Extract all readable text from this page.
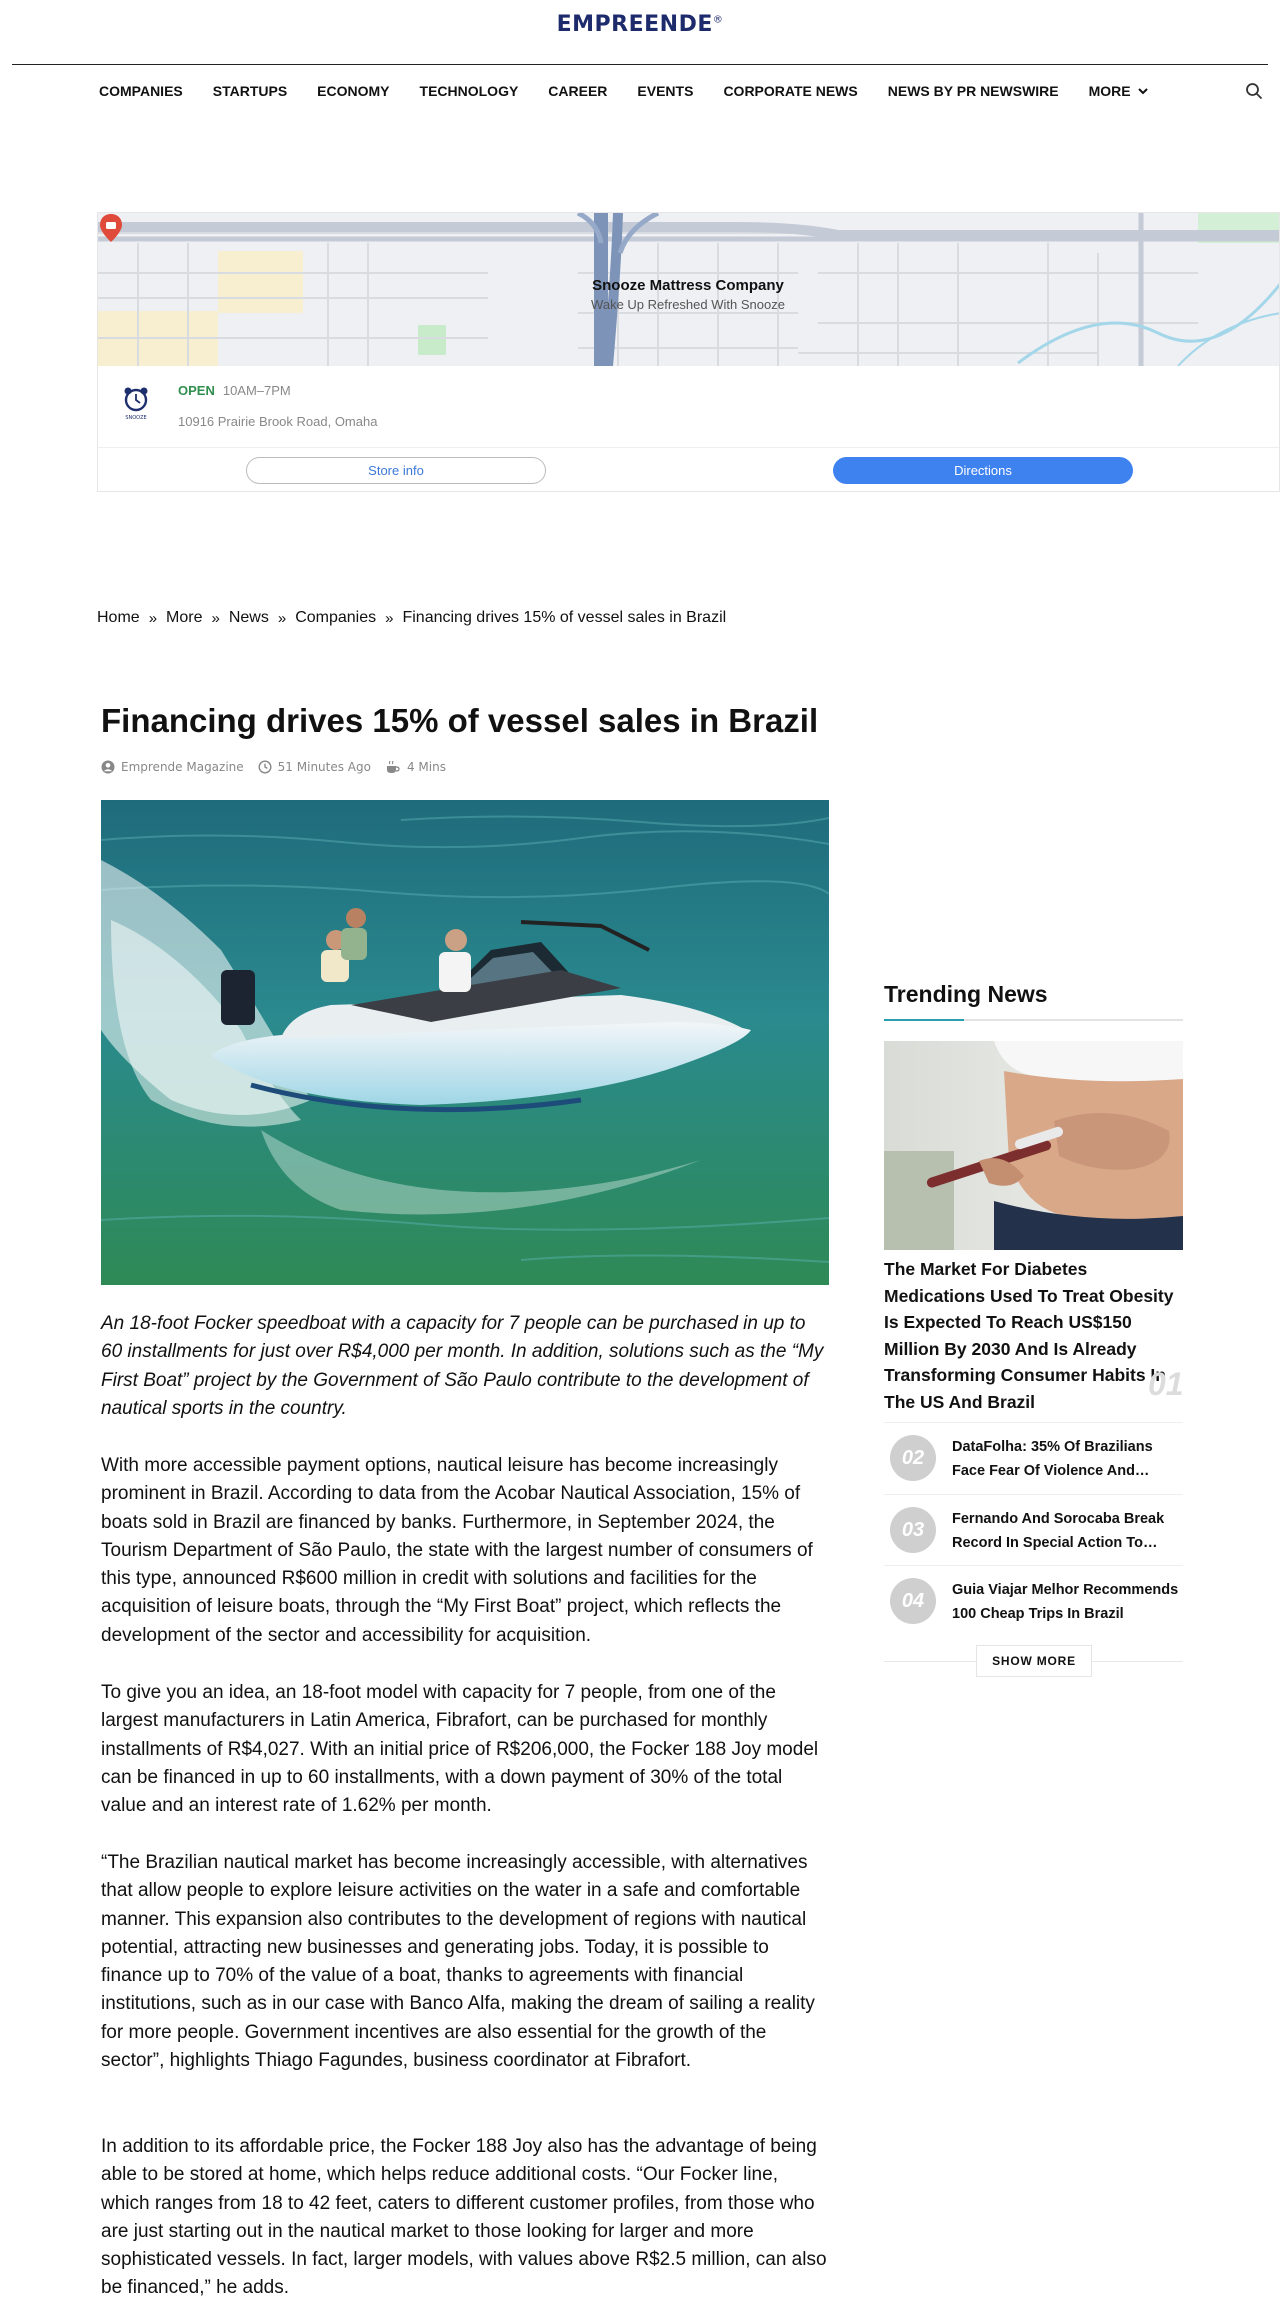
EMPREENDE®
COMPANIES STARTUPS ECONOMY TECHNOLOGY CAREER EVENTS CORPORATE NEWS NEWS BY PR NEWSWIRE MORE
Snooze Mattress Company
Wake Up Refreshed With Snooze
SNOOZE
OPEN 10AM–7PM
10916 Prairie Brook Road, Omaha
Store info	Directions
Home » More » News » Companies » Financing drives 15% of vessel sales in Brazil
Financing drives 15% of vessel sales in Brazil
Emprende Magazine	51 Minutes Ago	4 Mins

An 18-foot Focker speedboat with a capacity for 7 people can be purchased in up to 60 installments for just over R$4,000 per month. In addition, solutions such as the “My First Boat” project by the Government of São Paulo contribute to the development of nautical sports in the country.

With more accessible payment options, nautical leisure has become increasingly prominent in Brazil. According to data from the Acobar Nautical Association, 15% of boats sold in Brazil are financed by banks. Furthermore, in September 2024, the Tourism Department of São Paulo, the state with the largest number of consumers of this type, announced R$600 million in credit with solutions and facilities for the acquisition of leisure boats, through the “My First Boat” project, which reflects the development of the sector and accessibility for acquisition.

To give you an idea, an 18-foot model with capacity for 7 people, from one of the largest manufacturers in Latin America, Fibrafort, can be purchased for monthly installments of R$4,027. With an initial price of R$206,000, the Focker 188 Joy model can be financed in up to 60 installments, with a down payment of 30% of the total value and an interest rate of 1.62% per month.

“The Brazilian nautical market has become increasingly accessible, with alternatives that allow people to explore leisure activities on the water in a safe and comfortable manner. This expansion also contributes to the development of regions with nautical potential, attracting new businesses and generating jobs. Today, it is possible to finance up to 70% of the value of a boat, thanks to agreements with financial institutions, such as in our case with Banco Alfa, making the dream of sailing a reality for more people. Government incentives are also essential for the growth of the sector”, highlights Thiago Fagundes, business coordinator at Fibrafort.

In addition to its affordable price, the Focker 188 Joy also has the advantage of being able to be stored at home, which helps reduce additional costs. “Our Focker line, which ranges from 18 to 42 feet, caters to different customer profiles, from those who are just starting out in the nautical market to those looking for larger and more sophisticated vessels. In fact, larger models, with values above R$2.5 million, can also be financed,” he adds.

Trending News
The Market For Diabetes Medications Used To Treat Obesity Is Expected To Reach US$150 Million By 2030 And Is Already Transforming Consumer Habits In The US And Brazil	01
02	DataFolha: 35% Of Brazilians
Face Fear Of Violence And…
03	Fernando And Sorocaba Break
Record In Special Action To…
04	Guia Viajar Melhor Recommends
100 Cheap Trips In Brazil
SHOW MORE
